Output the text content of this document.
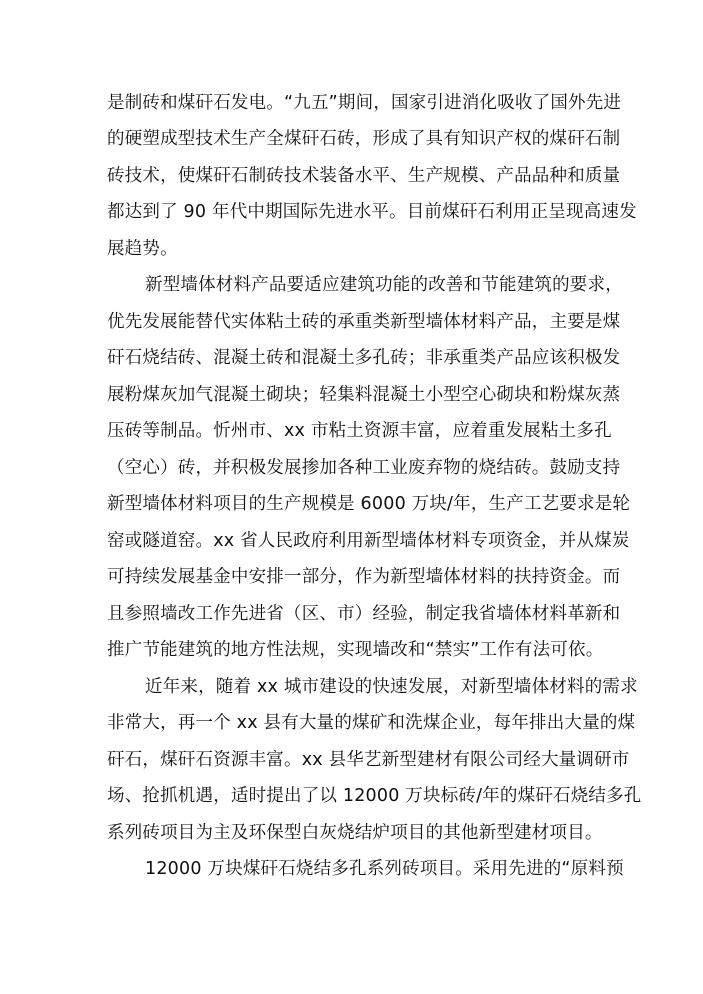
是制砖和煤矸石发电。“九五”期间，国家引进消化吸收了国外先进
的硬塑成型技术生产全煤矸石砖，形成了具有知识产权的煤矸石制
砖技术，使煤矸石制砖技术装备水平、生产规模、产品品种和质量
都达到了 90 年代中期国际先进水平。目前煤矸石利用正呈现高速发
展趋势。
新型墙体材料产品要适应建筑功能的改善和节能建筑的要求，
优先发展能替代实体粘土砖的承重类新型墙体材料产品，主要是煤
矸石烧结砖、混凝土砖和混凝土多孔砖；非承重类产品应该积极发
展粉煤灰加气混凝土砌块；轻集料混凝土小型空心砌块和粉煤灰蒸
压砖等制品。忻州市、xx 市粘土资源丰富，应着重发展粘土多孔
（空心）砖，并积极发展掺加各种工业废弃物的烧结砖。鼓励支持
新型墙体材料项目的生产规模是 6000 万块/年，生产工艺要求是轮
窑或隧道窑。xx 省人民政府利用新型墙体材料专项资金，并从煤炭
可持续发展基金中安排一部分，作为新型墙体材料的扶持资金。而
且参照墙改工作先进省（区、市）经验，制定我省墙体材料革新和
推广节能建筑的地方性法规，实现墙改和“禁实”工作有法可依。
近年来，随着 xx 城市建设的快速发展，对新型墙体材料的需求
非常大，再一个 xx 县有大量的煤矿和洗煤企业，每年排出大量的煤
矸石，煤矸石资源丰富。xx 县华艺新型建材有限公司经大量调研市
场、抢抓机遇，适时提出了以 12000 万块标砖/年的煤矸石烧结多孔
系列砖项目为主及环保型白灰烧结炉项目的其他新型建材项目。
12000 万块煤矸石烧结多孔系列砖项目。采用先进的“原料预
